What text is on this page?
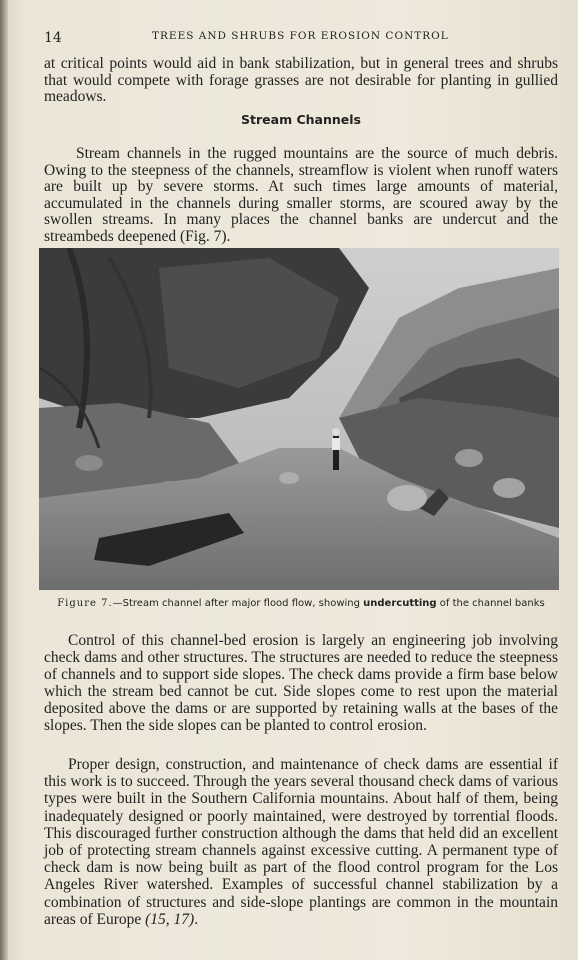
14	TREES AND SHRUBS FOR EROSION CONTROL

at critical points would aid in bank stabilization, but in general trees and shrubs that would compete with forage grasses are not desirable for planting in gullied meadows.

Stream Channels

Stream channels in the rugged mountains are the source of much debris. Owing to the steepness of the channels, streamflow is violent when runoff waters are built up by severe storms. At such times large amounts of material, accumulated in the channels during smaller storms, are scoured away by the swollen streams. In many places the channel banks are undercut and the streambeds deepened (Fig. 7).

Figure 7.—Stream channel after major flood flow, showing undercutting of the channel banks

Control of this channel-bed erosion is largely an engineering job involving check dams and other structures. The structures are needed to reduce the steepness of channels and to support side slopes. The check dams provide a firm base below which the stream bed cannot be cut. Side slopes come to rest upon the material deposited above the dams or are supported by retaining walls at the bases of the slopes. Then the side slopes can be planted to control erosion.

Proper design, construction, and maintenance of check dams are essential if this work is to succeed. Through the years several thousand check dams of various types were built in the Southern California mountains. About half of them, being inadequately designed or poorly maintained, were destroyed by torrential floods. This discouraged further construction although the dams that held did an excellent job of protecting stream channels against excessive cutting. A permanent type of check dam is now being built as part of the flood control program for the Los Angeles River watershed. Examples of successful channel stabilization by a combination of structures and side-slope plantings are common in the mountain areas of Europe (15, 17).
